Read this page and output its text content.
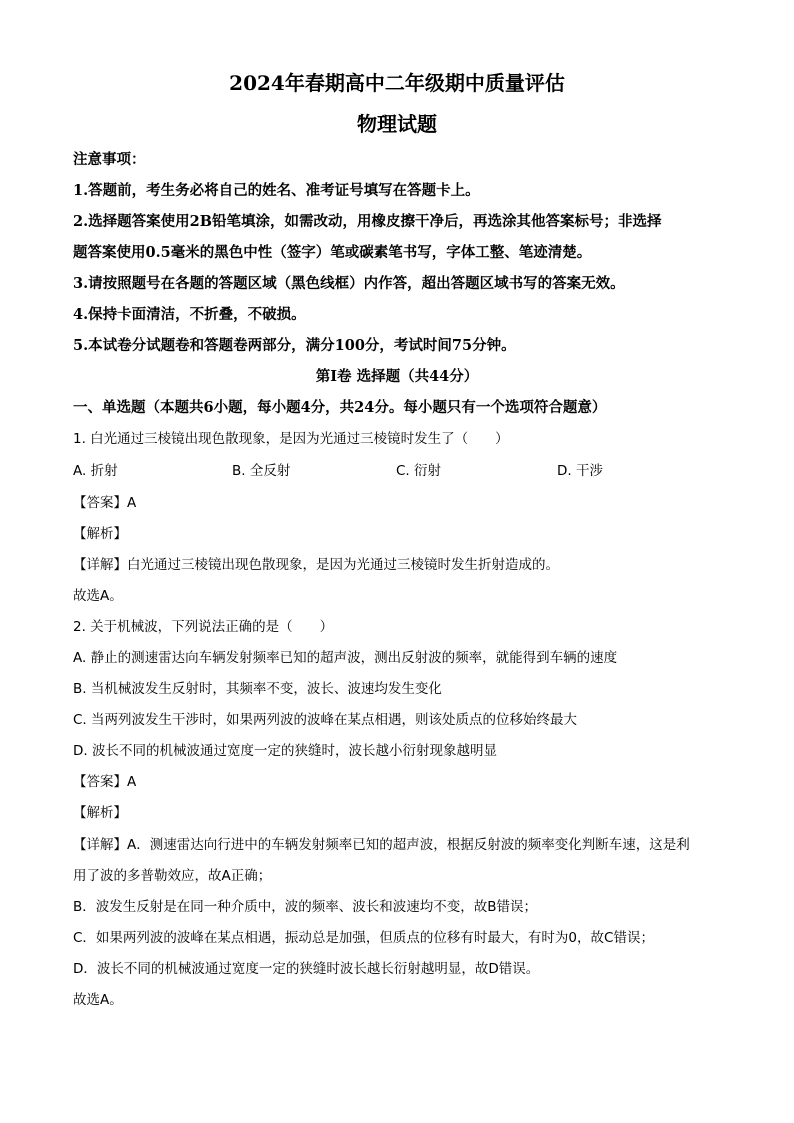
2024年春期高中二年级期中质量评估
物理试题
注意事项：
1.答题前，考生务必将自己的姓名、准考证号填写在答题卡上。
2.选择题答案使用2B铅笔填涂，如需改动，用橡皮擦干净后，再选涂其他答案标号；非选择
题答案使用0.5毫米的黑色中性（签字）笔或碳素笔书写，字体工整、笔迹清楚。
3.请按照题号在各题的答题区域（黑色线框）内作答，超出答题区域书写的答案无效。
4.保持卡面清洁，不折叠，不破损。
5.本试卷分试题卷和答题卷两部分，满分100分，考试时间75分钟。
第Ⅰ卷 选择题（共44分）
一、单选题（本题共6小题，每小题4分，共24分。每小题只有一个选项符合题意）
1. 白光通过三棱镜出现色散现象，是因为光通过三棱镜时发生了（　　）
A. 折射	B. 全反射	C. 衍射	D. 干涉
【答案】A
【解析】
【详解】白光通过三棱镜出现色散现象，是因为光通过三棱镜时发生折射造成的。
故选A。
2. 关于机械波，下列说法正确的是（　　）
A. 静止的测速雷达向车辆发射频率已知的超声波，测出反射波的频率，就能得到车辆的速度
B. 当机械波发生反射时，其频率不变，波长、波速均发生变化
C. 当两列波发生干涉时，如果两列波的波峰在某点相遇，则该处质点的位移始终最大
D. 波长不同的机械波通过宽度一定的狭缝时，波长越小衍射现象越明显
【答案】A
【解析】
【详解】A．测速雷达向行进中的车辆发射频率已知的超声波，根据反射波的频率变化判断车速，这是利
用了波的多普勒效应，故A正确；
B．波发生反射是在同一种介质中，波的频率、波长和波速均不变，故B错误；
C．如果两列波的波峰在某点相遇，振动总是加强，但质点的位移有时最大，有时为0，故C错误；
D．波长不同的机械波通过宽度一定的狭缝时波长越长衍射越明显，故D错误。
故选A。
